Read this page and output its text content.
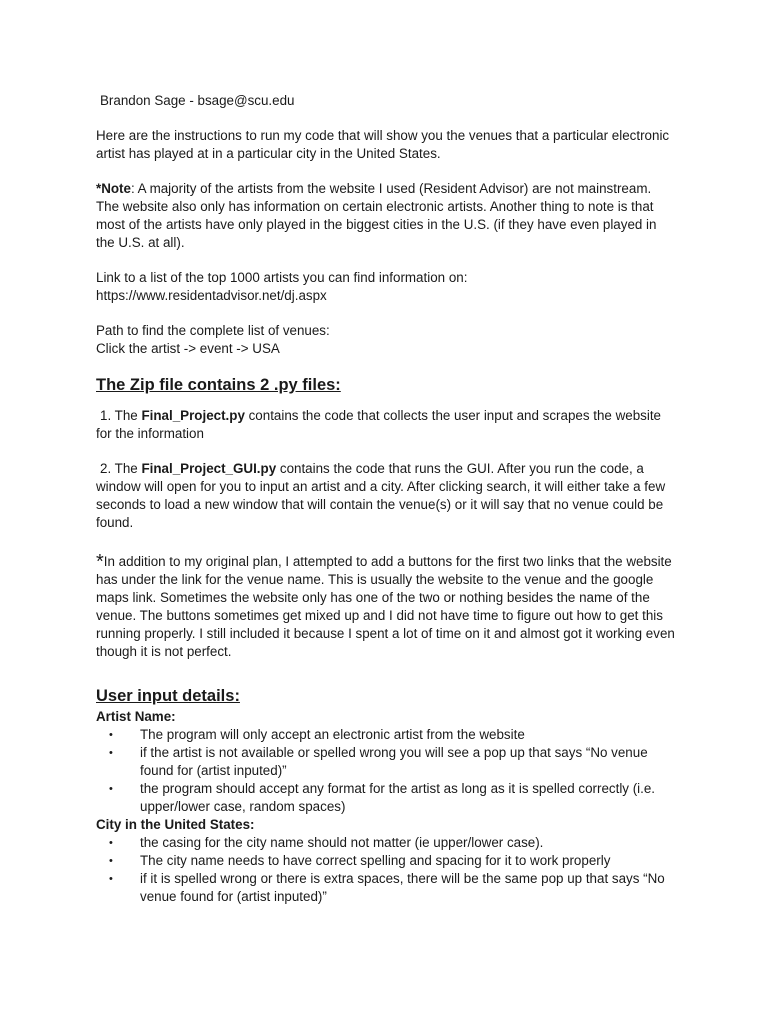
Brandon Sage - bsage@scu.edu

Here are the instructions to run my code that will show you the venues that a particular electronic artist has played at in a particular city in the United States.

*Note: A majority of the artists from the website I used (Resident Advisor) are not mainstream. The website also only has information on certain electronic artists. Another thing to note is that most of the artists have only played in the biggest cities in the U.S. (if they have even played in the U.S. at all).

Link to a list of the top 1000 artists you can find information on:

https://www.residentadvisor.net/dj.aspx

Path to find the complete list of venues:

Click the artist -> event -> USA

The Zip file contains 2 .py files:

1. The Final_Project.py contains the code that collects the user input and scrapes the website for the information

2. The Final_Project_GUI.py contains the code that runs the GUI. After you run the code, a window will open for you to input an artist and a city. After clicking search, it will either take a few seconds to load a new window that will contain the venue(s) or it will say that no venue could be found.

*In addition to my original plan, I attempted to add a buttons for the first two links that the website has under the link for the venue name. This is usually the website to the venue and the google maps link. Sometimes the website only has one of the two or nothing besides the name of the venue. The buttons sometimes get mixed up and I did not have time to figure out how to get this running properly. I still included it because I spent a lot of time on it and almost got it working even though it is not perfect.

User input details:

Artist Name:

• The program will only accept an electronic artist from the website
• if the artist is not available or spelled wrong you will see a pop up that says “No venue found for (artist inputed)”
• the program should accept any format for the artist as long as it is spelled correctly (i.e. upper/lower case, random spaces)

City in the United States:

• the casing for the city name should not matter (ie upper/lower case).
• The city name needs to have correct spelling and spacing for it to work properly
• if it is spelled wrong or there is extra spaces, there will be the same pop up that says “No venue found for (artist inputed)”
